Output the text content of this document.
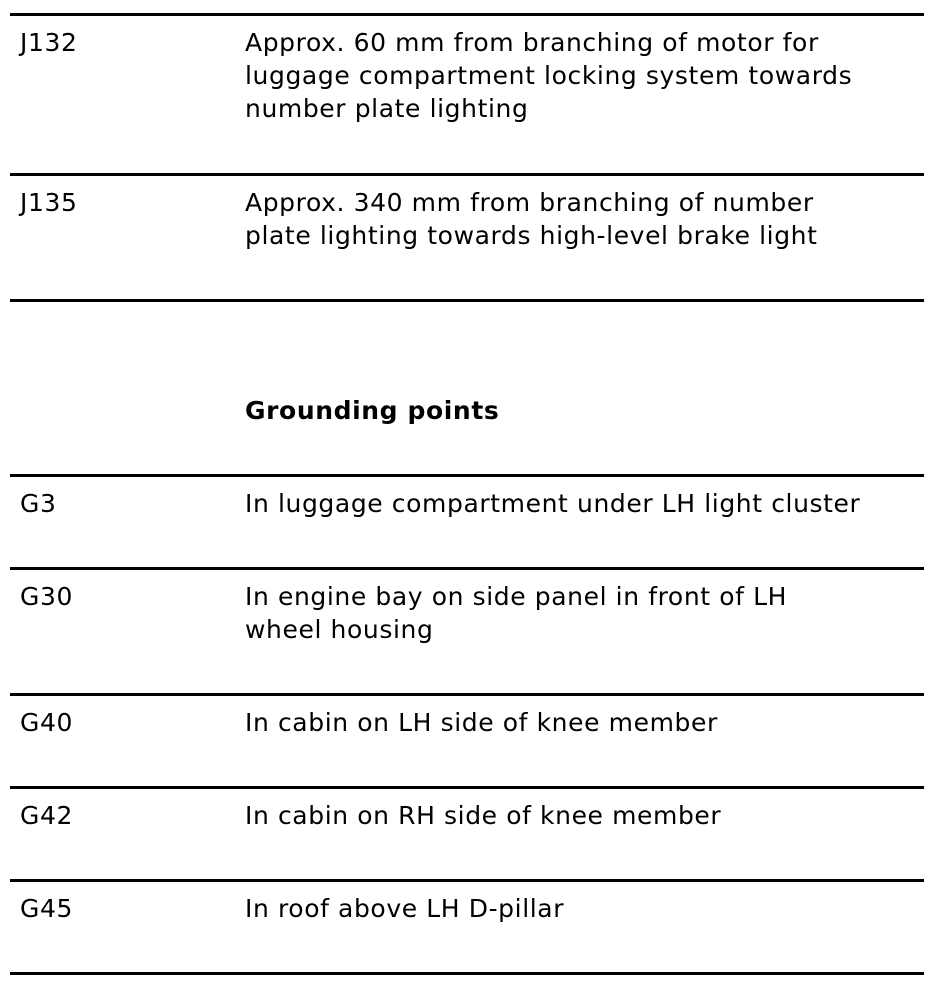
J132	Approx. 60 mm from branching of motor for
luggage compartment locking system towards
number plate lighting

J135	Approx. 340 mm from branching of number
plate lighting towards high-level brake light

Grounding points

G3	In luggage compartment under LH light cluster

G30	In engine bay on side panel in front of LH
wheel housing

G40	In cabin on LH side of knee member

G42	In cabin on RH side of knee member

G45	In roof above LH D-pillar
